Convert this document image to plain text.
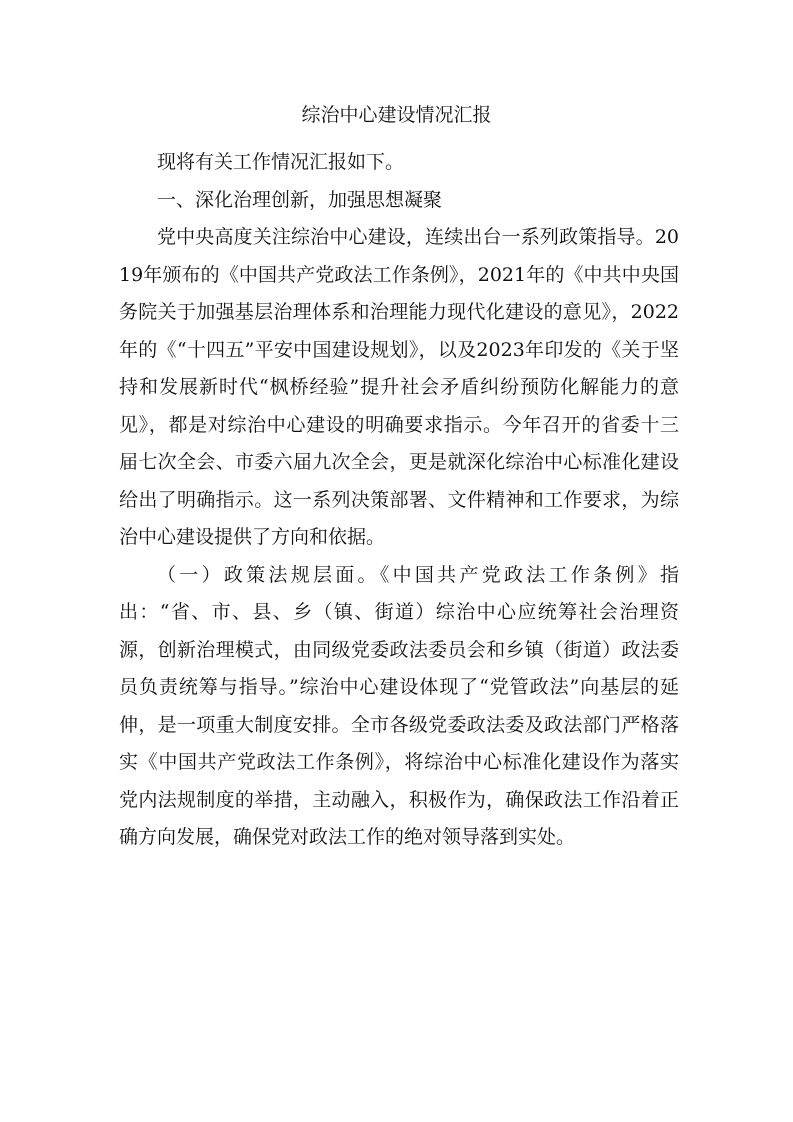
综治中心建设情况汇报

现将有关工作情况汇报如下。

一、深化治理创新，加强思想凝聚

党中央高度关注综治中心建设，连续出台一系列政策指导。2019年颁布的《中国共产党政法工作条例》，2021年的《中共中央国务院关于加强基层治理体系和治理能力现代化建设的意见》，2022年的《“十四五”平安中国建设规划》，以及2023年印发的《关于坚持和发展新时代“枫桥经验”提升社会矛盾纠纷预防化解能力的意见》，都是对综治中心建设的明确要求指示。今年召开的省委十三届七次全会、市委六届九次全会，更是就深化综治中心标准化建设给出了明确指示。这一系列决策部署、文件精神和工作要求，为综治中心建设提供了方向和依据。

（一）政策法规层面。《中国共产党政法工作条例》指出：“省、市、县、乡（镇、街道）综治中心应统筹社会治理资源，创新治理模式，由同级党委政法委员会和乡镇（街道）政法委员负责统筹与指导。”综治中心建设体现了“党管政法”向基层的延伸，是一项重大制度安排。全市各级党委政法委及政法部门严格落实《中国共产党政法工作条例》，将综治中心标准化建设作为落实党内法规制度的举措，主动融入，积极作为，确保政法工作沿着正确方向发展，确保党对政法工作的绝对领导落到实处。
